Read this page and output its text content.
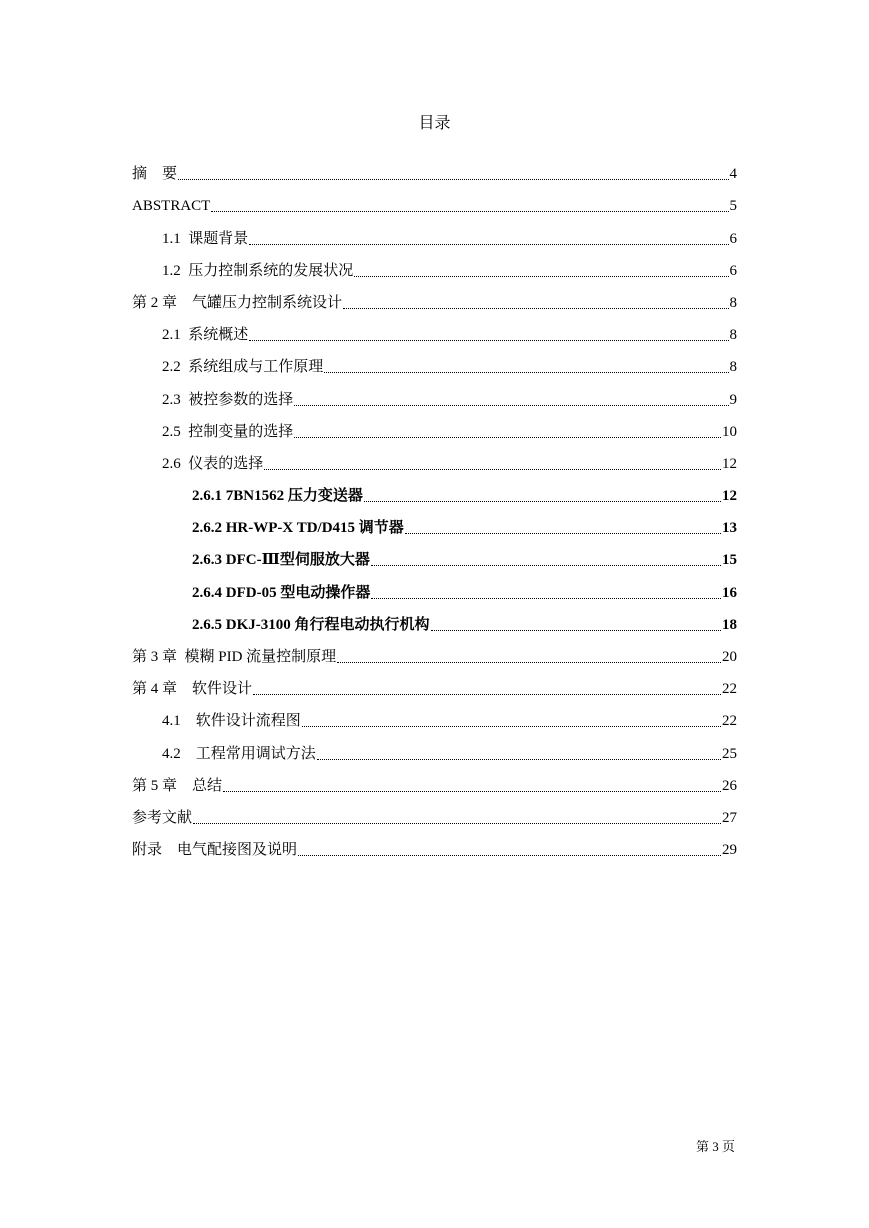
目录
摘　要	4
ABSTRACT	5
1.1  课题背景	6
1.2  压力控制系统的发展状况	6
第 2 章　气罐压力控制系统设计	8
2.1  系统概述	8
2.2  系统组成与工作原理	8
2.3  被控参数的选择	9
2.5  控制变量的选择	10
2.6  仪表的选择	12
2.6.1 7BN1562 压力变送器	12
2.6.2 HR-WP-X TD/D415 调节器	13
2.6.3 DFC-Ⅲ型伺服放大器	15
2.6.4 DFD-05 型电动操作器	16
2.6.5 DKJ-3100 角行程电动执行机构	18
第 3 章  模糊 PID 流量控制原理	20
第 4 章　软件设计	22
4.1　软件设计流程图	22
4.2　工程常用调试方法	25
第 5 章　总结	26
参考文献	27
附录　电气配接图及说明	29
第 3 页
